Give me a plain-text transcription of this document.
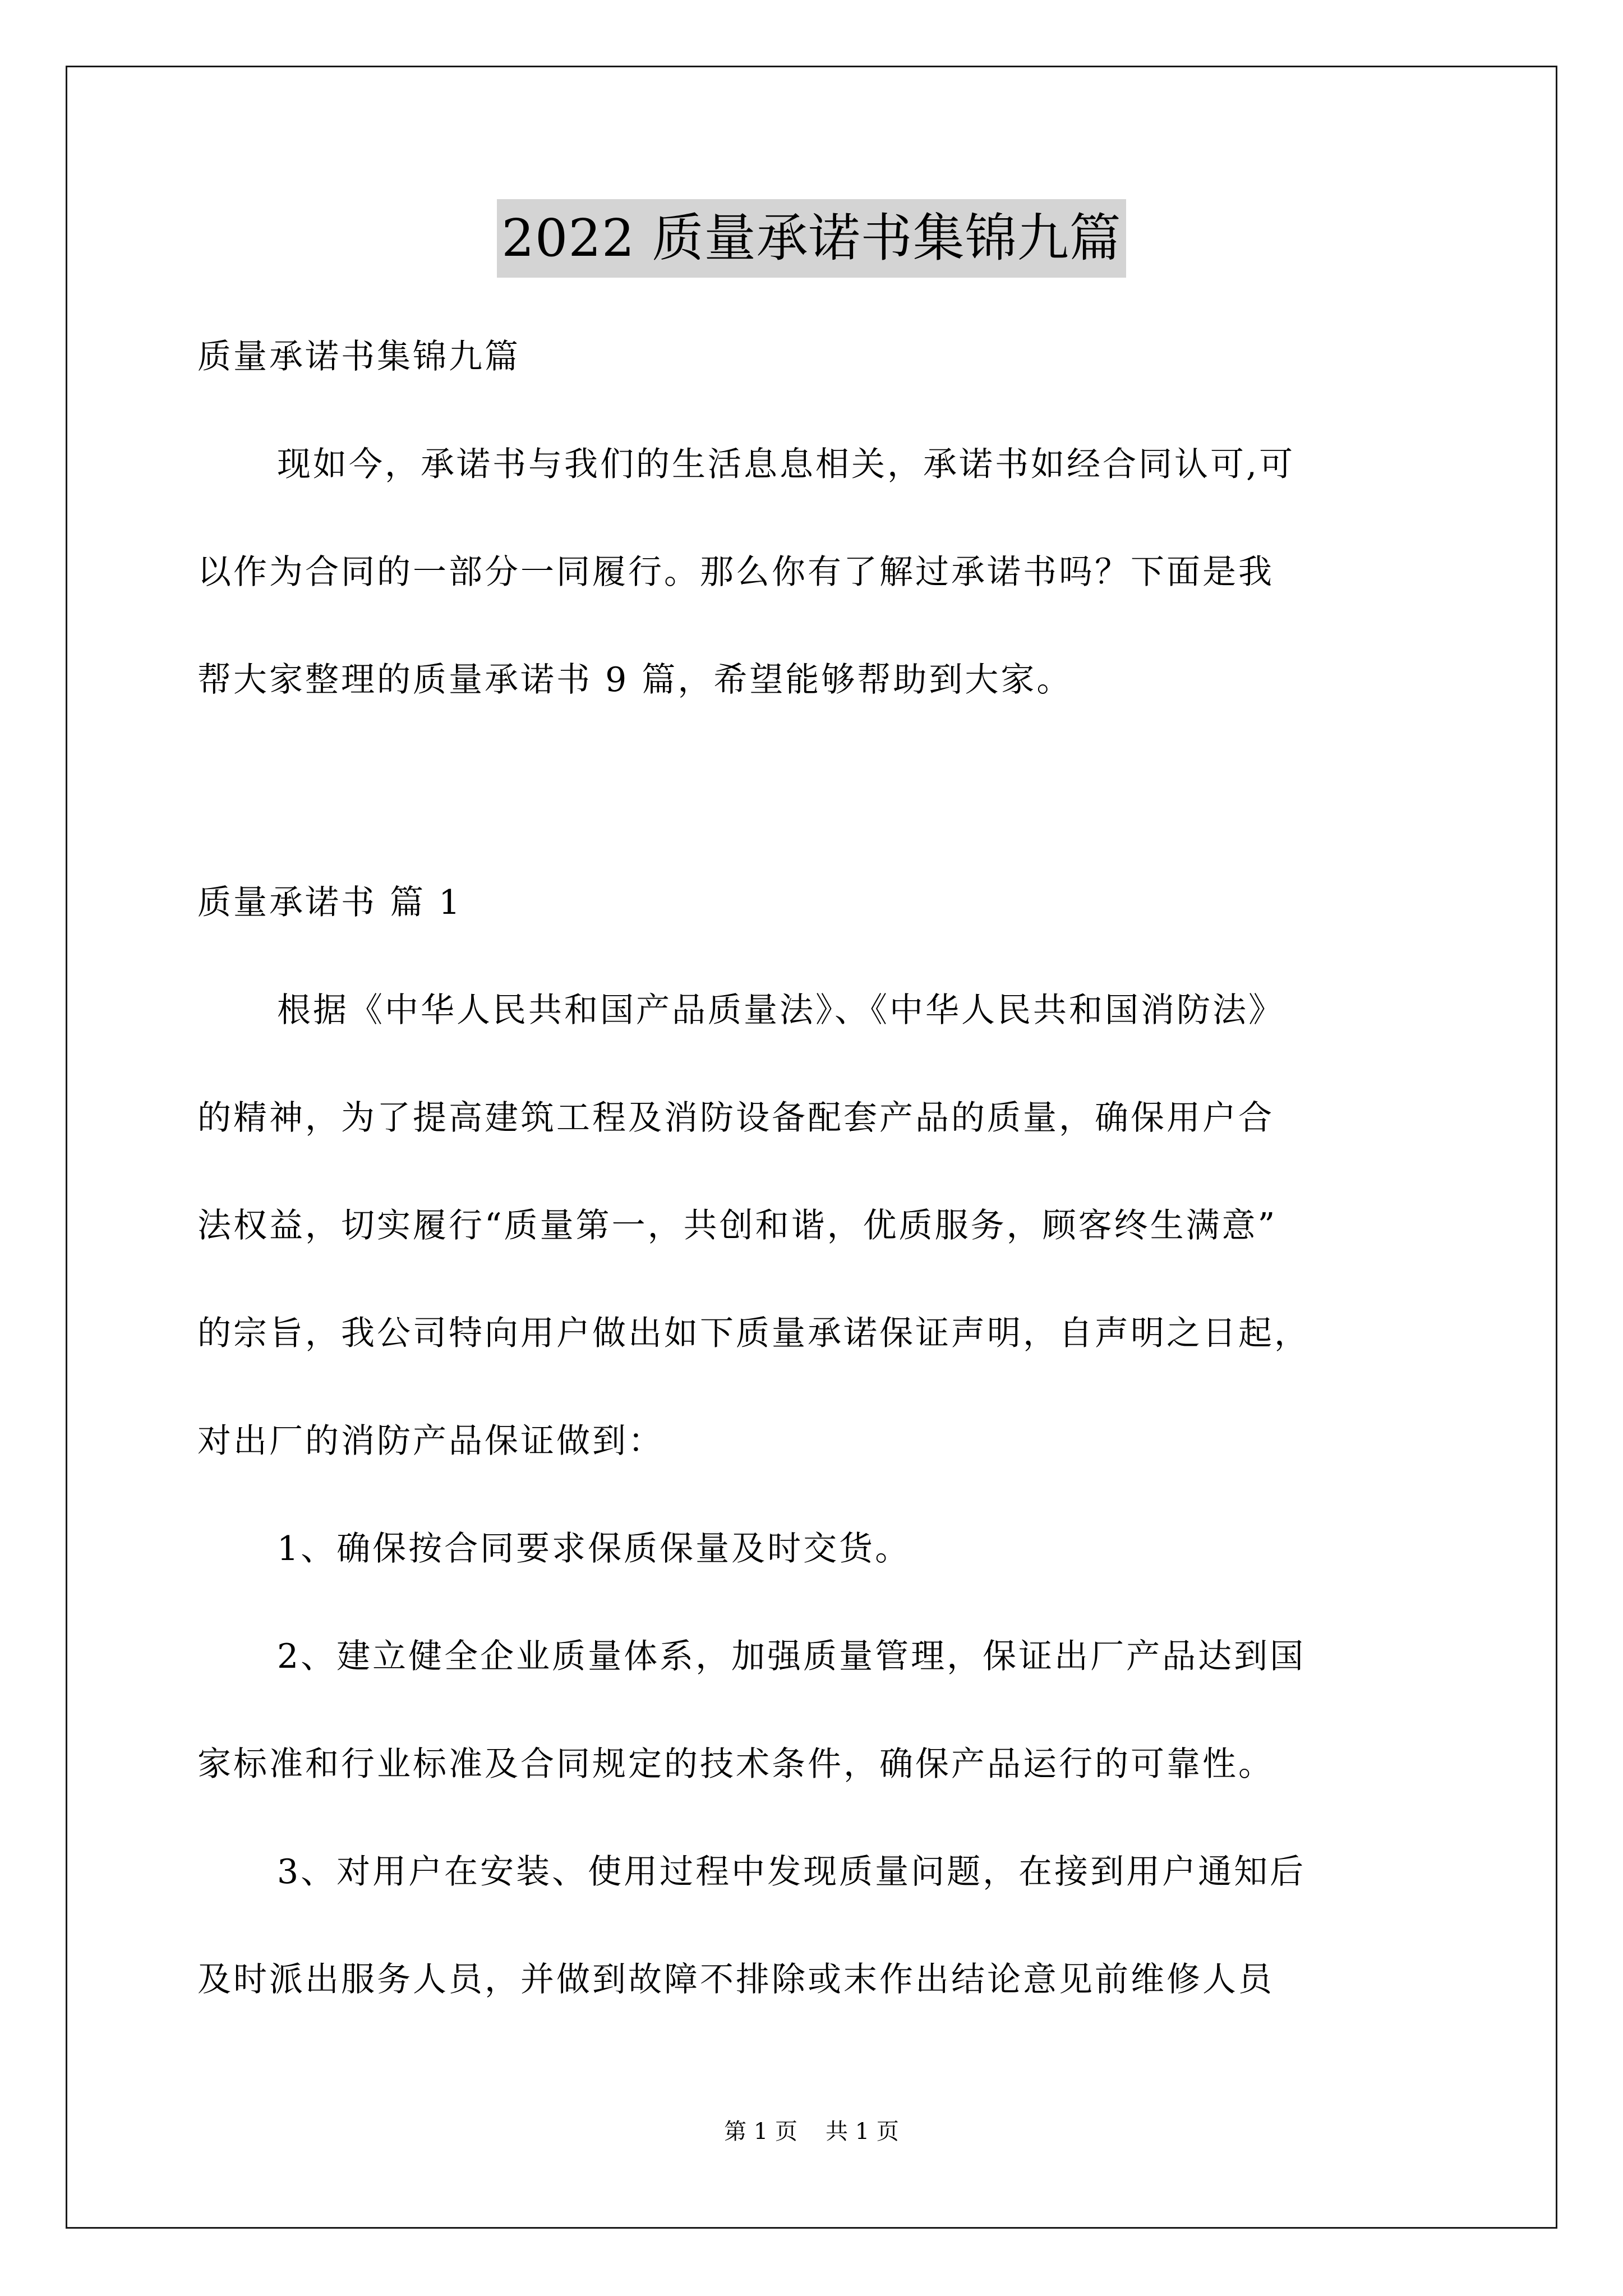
2022 质量承诺书集锦九篇
质量承诺书集锦九篇
现如今，承诺书与我们的生活息息相关，承诺书如经合同认可,可
以作为合同的一部分一同履行。那么你有了解过承诺书吗？下面是我
帮大家整理的质量承诺书 9 篇，希望能够帮助到大家。
质量承诺书 篇 1
根据《中华人民共和国产品质量法》、《中华人民共和国消防法》
的精神，为了提高建筑工程及消防设备配套产品的质量，确保用户合
法权益，切实履行“质量第一，共创和谐，优质服务，顾客终生满意”
的宗旨，我公司特向用户做出如下质量承诺保证声明，自声明之日起，
对出厂的消防产品保证做到：
1、确保按合同要求保质保量及时交货。
2、建立健全企业质量体系，加强质量管理，保证出厂产品达到国
家标准和行业标准及合同规定的技术条件，确保产品运行的可靠性。
3、对用户在安装、使用过程中发现质量问题，在接到用户通知后
及时派出服务人员，并做到故障不排除或末作出结论意见前维修人员
第 1 页 共 1 页
